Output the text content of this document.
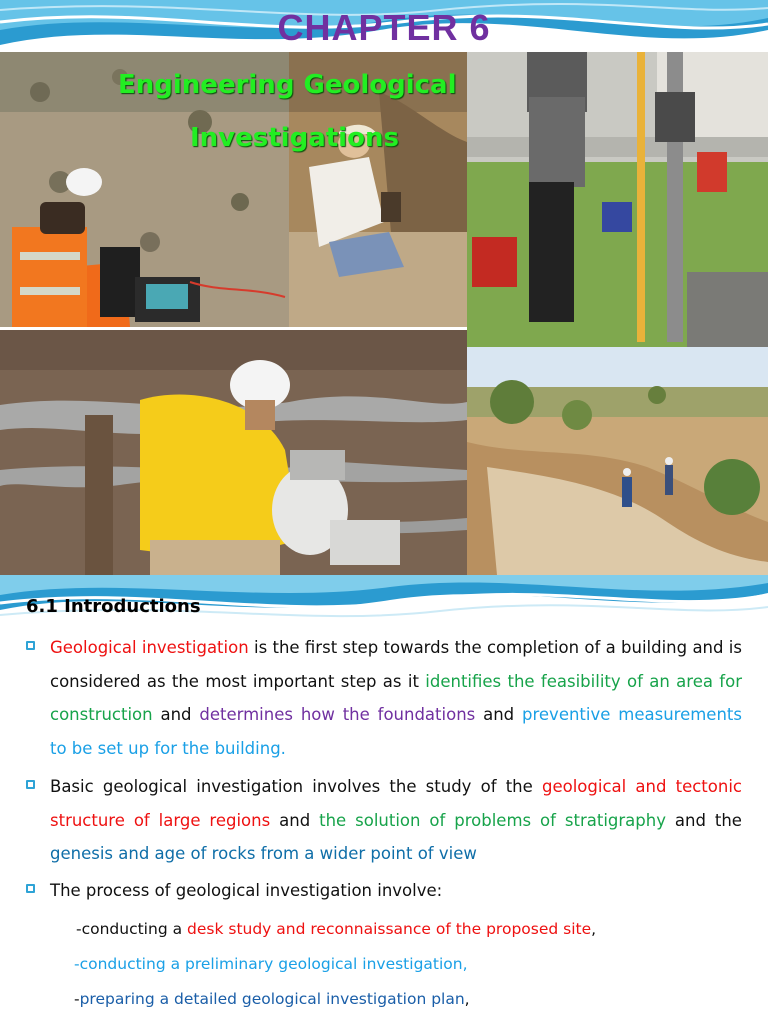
CHAPTER 6
Engineering Geological
Investigations
6.1 Introductions
Geological investigation is the first step towards the completion of a building and is considered as the most important step as it identifies the feasibility of an area for construction and determines how the foundations and preventive measurements to be set up for the building.
Basic geological investigation involves the study of the geological and tectonic structure of large regions and the solution of problems of stratigraphy and the genesis and age of rocks from a wider point of view
The process of geological investigation involve:
-conducting a desk study and reconnaissance of the proposed site,
-conducting a preliminary geological investigation,
-preparing a detailed geological investigation plan,
